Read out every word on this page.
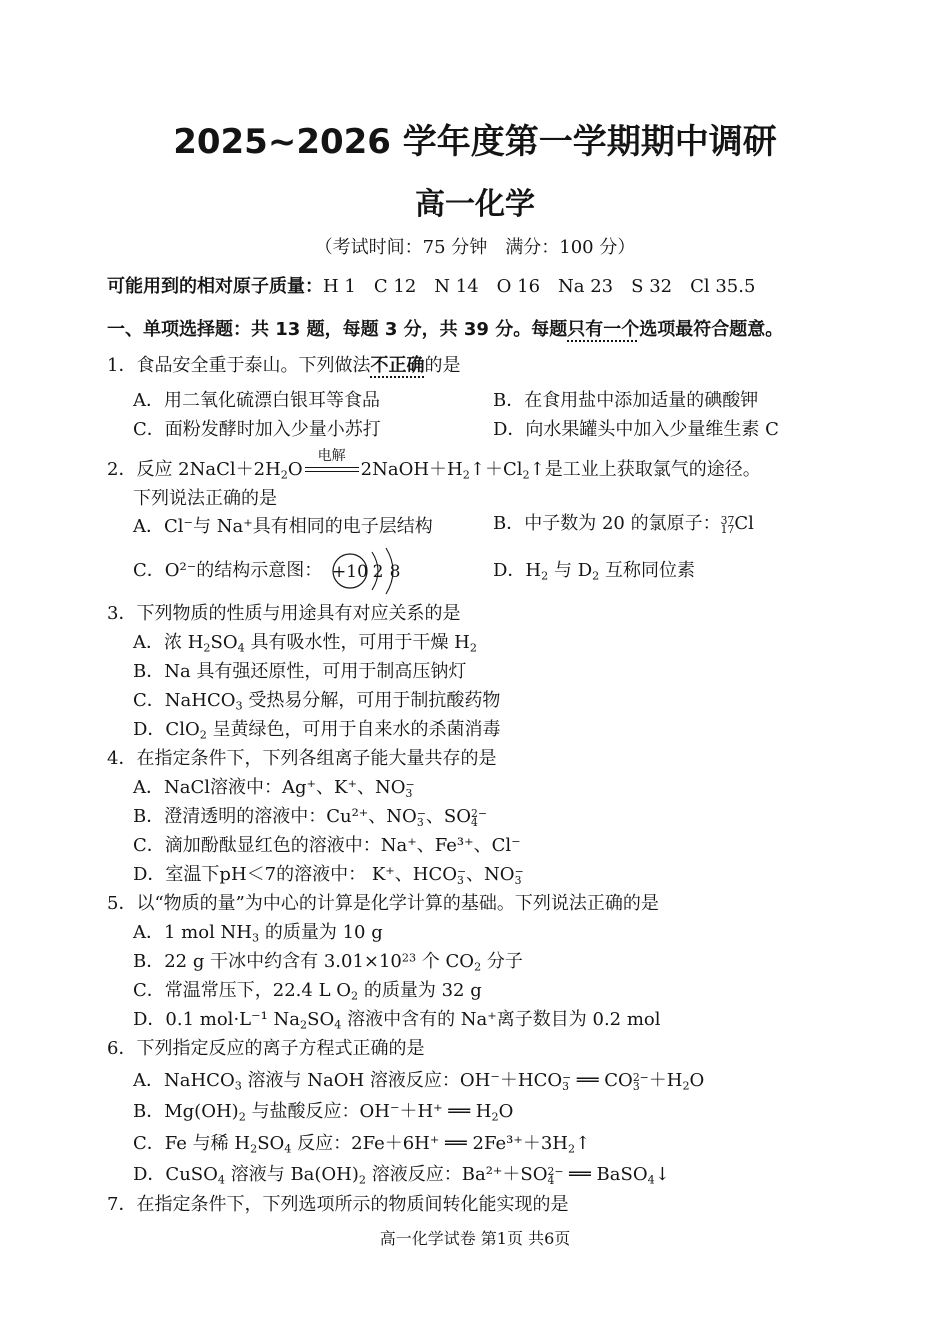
2025~2026 学年度第一学期期中调研
高一化学
（考试时间：75 分钟　满分：100 分）
可能用到的相对原子质量：H 1　C 12　N 14　O 16　Na 23　S 32　Cl 35.5
一、单项选择题：共 13 题，每题 3 分，共 39 分。每题只有一个选项最符合题意。
1．食品安全重于泰山。下列做法不正确的是
A．用二氧化硫漂白银耳等食品	B．在食用盐中添加适量的碘酸钾
C．面粉发酵时加入少量小苏打	D．向水果罐头中加入少量维生素 C
2．反应 $2NaCl+2H_2O$
电解
$2NaOH+H_2↑+Cl_2↑$是工业上获取氯气的途径。
下列说法正确的是
A．Cl⁻与 Na⁺具有相同的电子层结构	B．中子数为 20 的氯原子： 37
17 Cl
C．O²⁻的结构示意图： +10 2 8	D．$H_2$ 与 $D_2$ 互称同位素
3．下列物质的性质与用途具有对应关系的是
A．浓 $H_2SO_4$ 具有吸水性，可用于干燥 $H_2$
B．Na 具有强还原性，可用于制高压钠灯
C．NaHCO$_3$ 受热易分解，可用于制抗酸药物
D．ClO$_2$ 呈黄绿色，可用于自来水的杀菌消毒
4．在指定条件下，下列各组离子能大量共存的是
A．NaCl溶液中：Ag⁺、K⁺、NO −
3
B．澄清透明的溶液中：Cu²⁺、NO −
3 、SO 2−
4
C．滴加酚酞显红色的溶液中：Na⁺、Fe³⁺、Cl⁻
D．室温下pH＜7的溶液中： K⁺、HCO −
3 、NO −
3
5．以“物质的量”为中心的计算是化学计算的基础。下列说法正确的是
A．1 mol $NH_3$ 的质量为 10 g
B．22 g 干冰中约含有 $3.01\times 10^{23}$ 个 $CO_2$ 分子
C．常温常压下，22.4 L $O_2$ 的质量为 32 g
D．0.1 mol·L⁻¹ $Na_2SO_4$ 溶液中含有的 Na⁺离子数目为 0.2 mol
6．下列指定反应的离子方程式正确的是
A．NaHCO$_3$ 溶液与 NaOH 溶液反应：OH⁻＋HCO −
3 ══ CO 2−
$3 +H_2O$
B．$Mg(OH)_2$ 与盐酸反应：OH⁻＋H⁺ ══ $H_2O$
C．Fe 与稀 $H_2SO_4$ 反应：2Fe＋6H⁺ ══ $2Fe^{3+}+3H_2↑$
D．CuSO$_4$ 溶液与 $Ba(OH)_2$ 溶液反应：Ba²⁺＋SO 2−
4 ══ BaSO$_4$↓
7．在指定条件下，下列选项所示的物质间转化能实现的是
高一化学试卷 第1页 共6页
